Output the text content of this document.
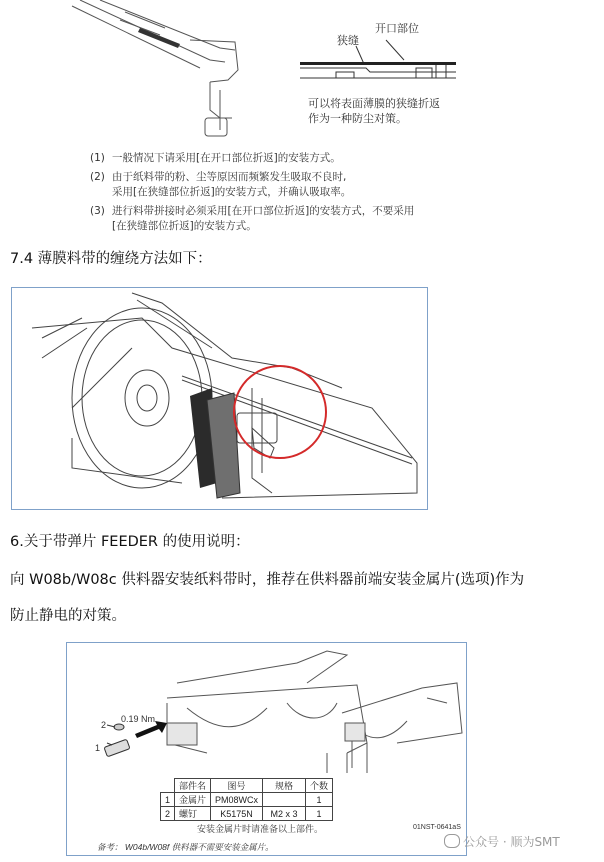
狭缝
开口部位
可以将表面薄膜的狭缝折返
作为一种防尘对策。
(1) 一般情况下请采用[在开口部位折返]的安装方式。
(2) 由于纸料带的粉、尘等原因而频繁发生吸取不良时,
采用[在狭缝部位折返]的安装方式，并确认吸取率。
(3) 进行料带拼接时必须采用[在开口部位折返]的安装方式，不要采用
[在狭缝部位折返]的安装方式。
7.4 薄膜料带的缠绕方法如下：
6.关于带弹片 FEEDER 的使用说明：
向 W08b/W08c 供料器安装纸料带时，推荐在供料器前端安装金属片(选项)作为
防止静电的对策。
0.19 Nm
2
1
	部件名	图号	规格	个数
1	金属片	PM08WCx		1
2	螺钉	K5175N	M2 x 3	1
安装金属片时请准备以上部件。	01NST-0641aS
备考： W04b/W08f 供料器不需要安装金属片。	公众号 · 顺为SMT
